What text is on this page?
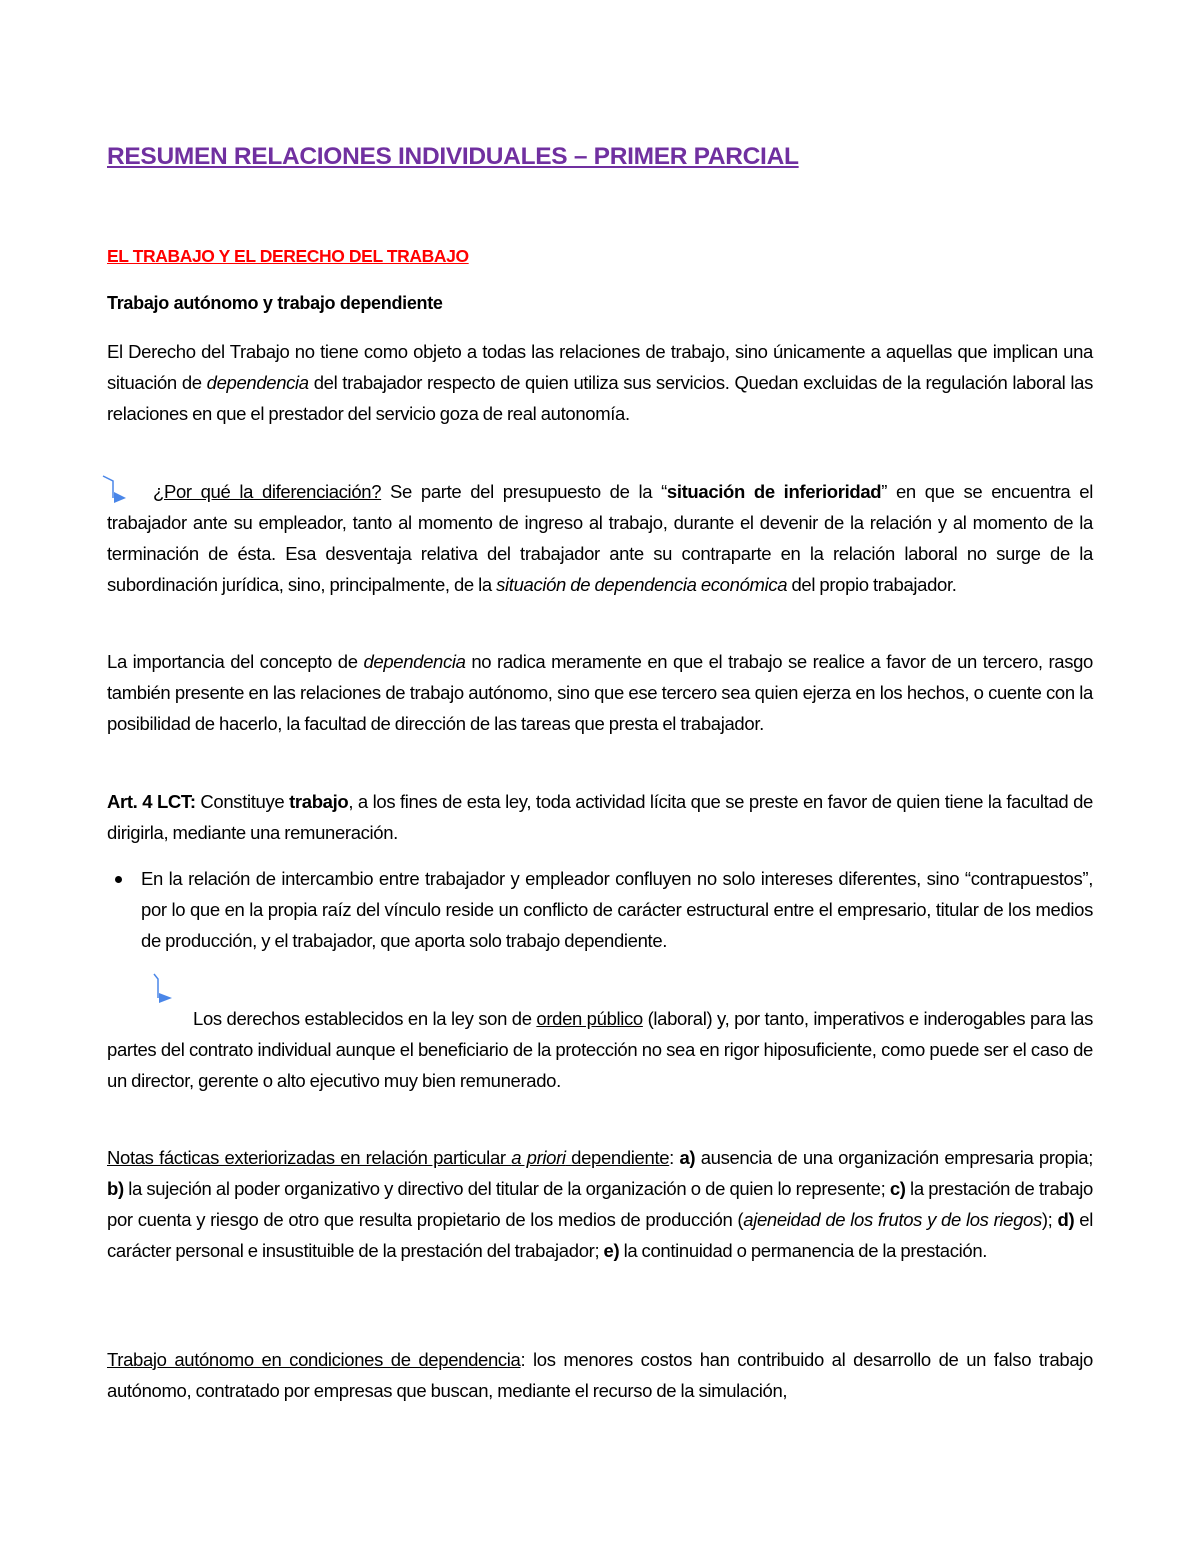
RESUMEN RELACIONES INDIVIDUALES – PRIMER PARCIAL
EL TRABAJO Y EL DERECHO DEL TRABAJO
Trabajo autónomo y trabajo dependiente

El Derecho del Trabajo no tiene como objeto a todas las relaciones de trabajo, sino únicamente a aquellas que implican una situación de dependencia del trabajador respecto de quien utiliza sus servicios. Quedan excluidas de la regulación laboral las relaciones en que el prestador del servicio goza de real autonomía.

¿Por qué la diferenciación? Se parte del presupuesto de la “situación de inferioridad” en que se encuentra el trabajador ante su empleador, tanto al momento de ingreso al trabajo, durante el devenir de la relación y al momento de la terminación de ésta. Esa desventaja relativa del trabajador ante su contraparte en la relación laboral no surge de la subordinación jurídica, sino, principalmente, de la situación de dependencia económica del propio trabajador.

La importancia del concepto de dependencia no radica meramente en que el trabajo se realice a favor de un tercero, rasgo también presente en las relaciones de trabajo autónomo, sino que ese tercero sea quien ejerza en los hechos, o cuente con la posibilidad de hacerlo, la facultad de dirección de las tareas que presta el trabajador.

Art. 4 LCT: Constituye trabajo, a los fines de esta ley, toda actividad lícita que se preste en favor de quien tiene la facultad de dirigirla, mediante una remuneración.

En la relación de intercambio entre trabajador y empleador confluyen no solo intereses diferentes, sino “contrapuestos”, por lo que en la propia raíz del vínculo reside un conflicto de carácter estructural entre el empresario, titular de los medios de producción, y el trabajador, que aporta solo trabajo dependiente.

Los derechos establecidos en la ley son de orden público (laboral) y, por tanto, imperativos e inderogables para las partes del contrato individual aunque el beneficiario de la protección no sea en rigor hiposuficiente, como puede ser el caso de un director, gerente o alto ejecutivo muy bien remunerado.

Notas fácticas exteriorizadas en relación particular a priori dependiente: a) ausencia de una organización empresaria propia; b) la sujeción al poder organizativo y directivo del titular de la organización o de quien lo represente; c) la prestación de trabajo por cuenta y riesgo de otro que resulta propietario de los medios de producción (ajeneidad de los frutos y de los riegos); d) el carácter personal e insustituible de la prestación del trabajador; e) la continuidad o permanencia de la prestación.

Trabajo autónomo en condiciones de dependencia: los menores costos han contribuido al desarrollo de un falso trabajo autónomo, contratado por empresas que buscan, mediante el recurso de la simulación,
